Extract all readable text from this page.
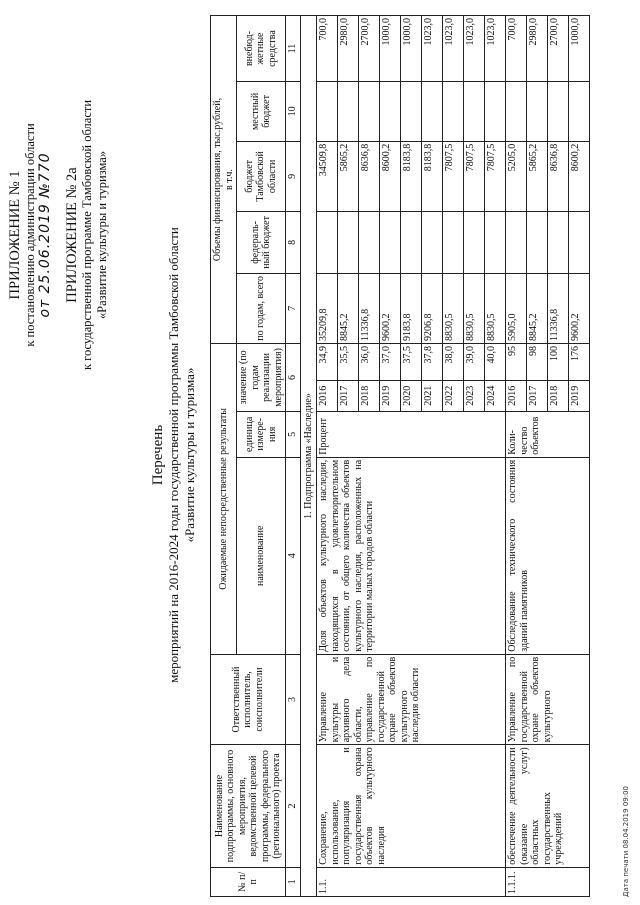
ПРИЛОЖЕНИЕ № 1 к постановлению администрации области от 25.06.2019 №770 ПРИЛОЖЕНИЕ № 2а к государственной программе Тамбовской области «Развитие культуры и туризма»
Перечень мероприятий на 2016-2024 годы государственной программы Тамбовской области «Развитие культуры и туризма»
№ п/п	Наименование подпрограммы, основного мероприятия, ведомственной целевой программы, федерального (регионального) проекта	Ответственный исполнитель, соисполнители	Ожидаемые непосредственные результаты				Объемы финансирования, тыс.рублей,
в т.ч.				
			наименование	единица измере-ния	значение (по годам реализации мероприятия)		по годам, всего	федераль-ный бюджет	бюджет Тамбовской области	местный бюджет	внебюд-жетные средства

1	2	3	4	5	6		7	8	9	10	11
1. Подпрограмма «Наследие»											
1.1.	Сохранение, использование, популяризация и государственная охрана объектов культурного наследия	Управление культуры и архивного дела области, управление по государственной охране объектов культурного наследия области	Доля объектов культурного наследия, находящихся в удовлетворительном состоянии, от общего количества объектов культурного наследия, расположенных на территории малых городов области	Процент	2016	34,9	35209,8		34509,8		700,0
					2017	35,5	8845,2		5865,2		2980,0
					2018	36,0	11336,8		8636,8		2700,0
					2019	37,0	9600,2		8600,2		1000,0
					2020	37,5	9183,8		8183,8		1000,0
					2021	37,8	9206,8		8183,8		1023,0
					2022	38,0	8830,5		7807,5		1023,0
					2023	39,0	8830,5		7807,5		1023,0
					2024	40,0	8830,5		7807,5		1023,0
1.1.1.	обеспечение деятельности (оказание услуг) областных государственных учреждений	Управление по государственной охране объектов культурного	Обследование технического состояния зданий памятников	Коли-чество объектов	2016	95	5905,0		5205,0		700,0
					2017	98	8845,2		5865,2		2980,0
					2018	100	11336,8		8636,8		2700,0
					2019	176	9600,2		8600,2		1000,0
Дата печати 08.04.2019 09:00
